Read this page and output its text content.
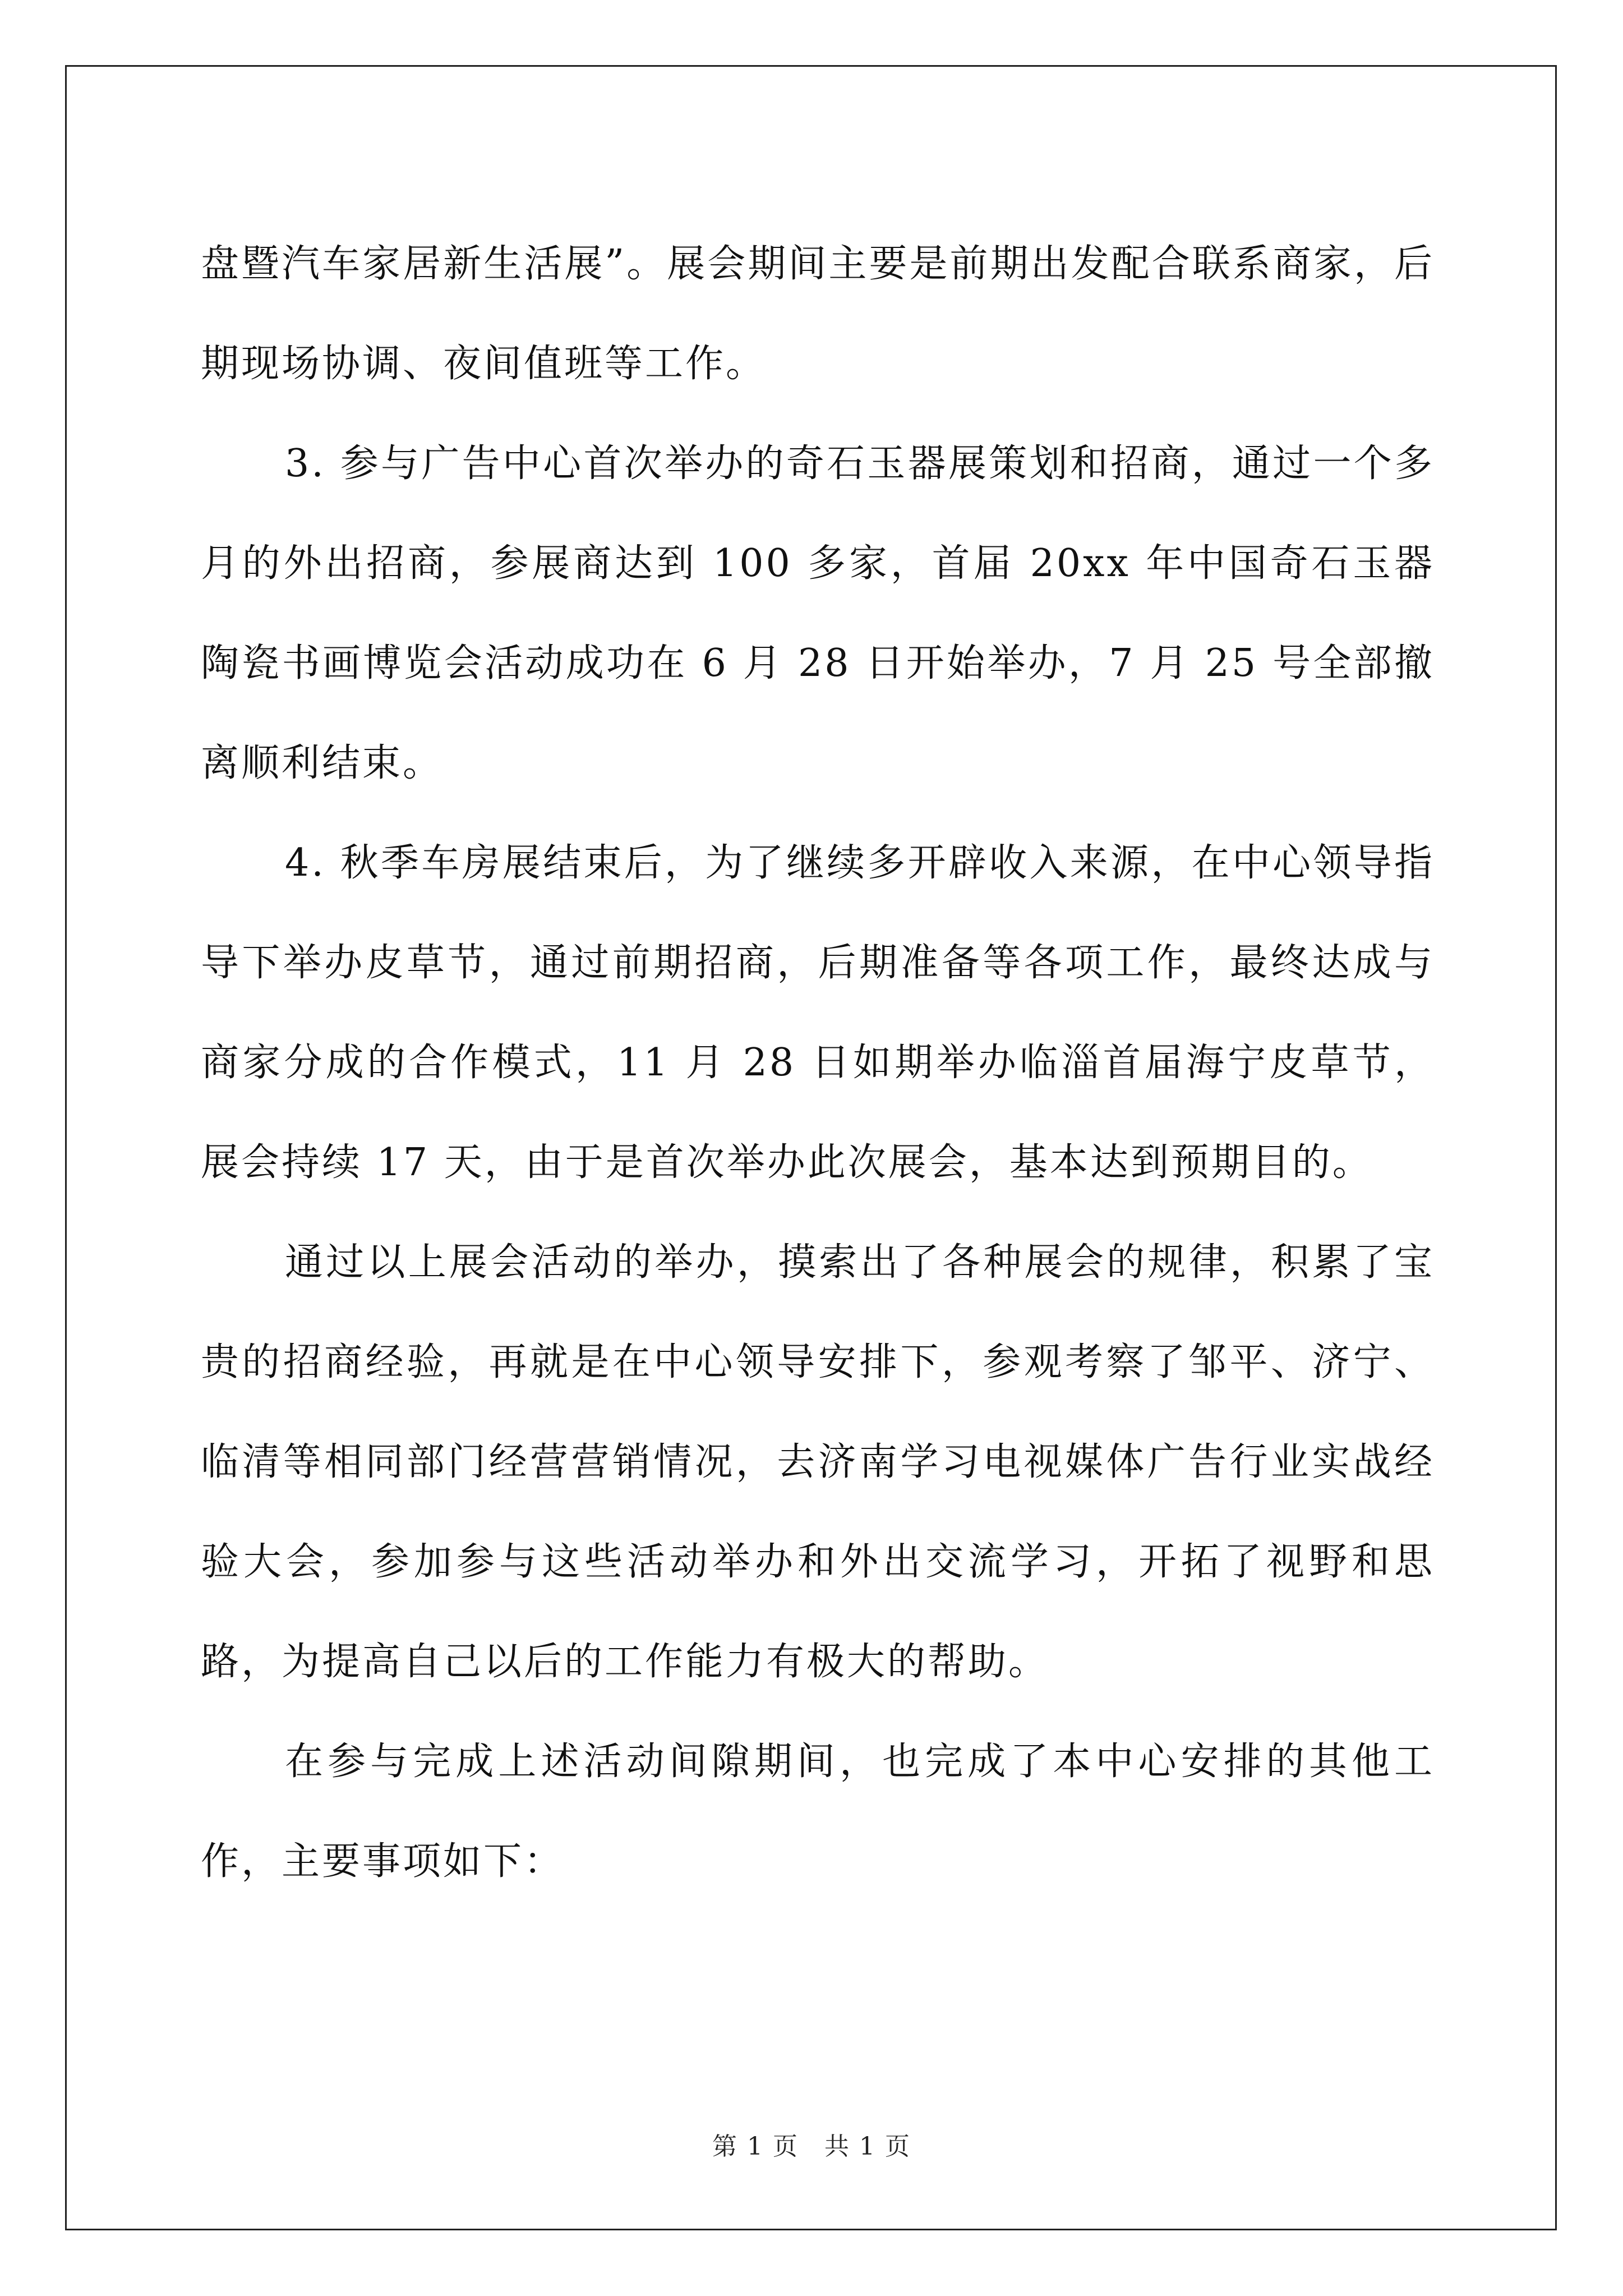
盘暨汽车家居新生活展”。展会期间主要是前期出发配合联系商家，后期现场协调、夜间值班等工作。

3. 参与广告中心首次举办的奇石玉器展策划和招商，通过一个多月的外出招商，参展商达到 100 多家，首届 20xx 年中国奇石玉器陶瓷书画博览会活动成功在 6 月 28 日开始举办，7 月 25 号全部撤离顺利结束。

4. 秋季车房展结束后，为了继续多开辟收入来源，在中心领导指导下举办皮草节，通过前期招商，后期准备等各项工作，最终达成与商家分成的合作模式，11 月 28 日如期举办临淄首届海宁皮草节，展会持续 17 天，由于是首次举办此次展会，基本达到预期目的。

通过以上展会活动的举办，摸索出了各种展会的规律，积累了宝贵的招商经验，再就是在中心领导安排下，参观考察了邹平、济宁、临清等相同部门经营营销情况，去济南学习电视媒体广告行业实战经验大会，参加参与这些活动举办和外出交流学习，开拓了视野和思路，为提高自己以后的工作能力有极大的帮助。

在参与完成上述活动间隙期间，也完成了本中心安排的其他工作，主要事项如下：

第 1 页　共 1 页
